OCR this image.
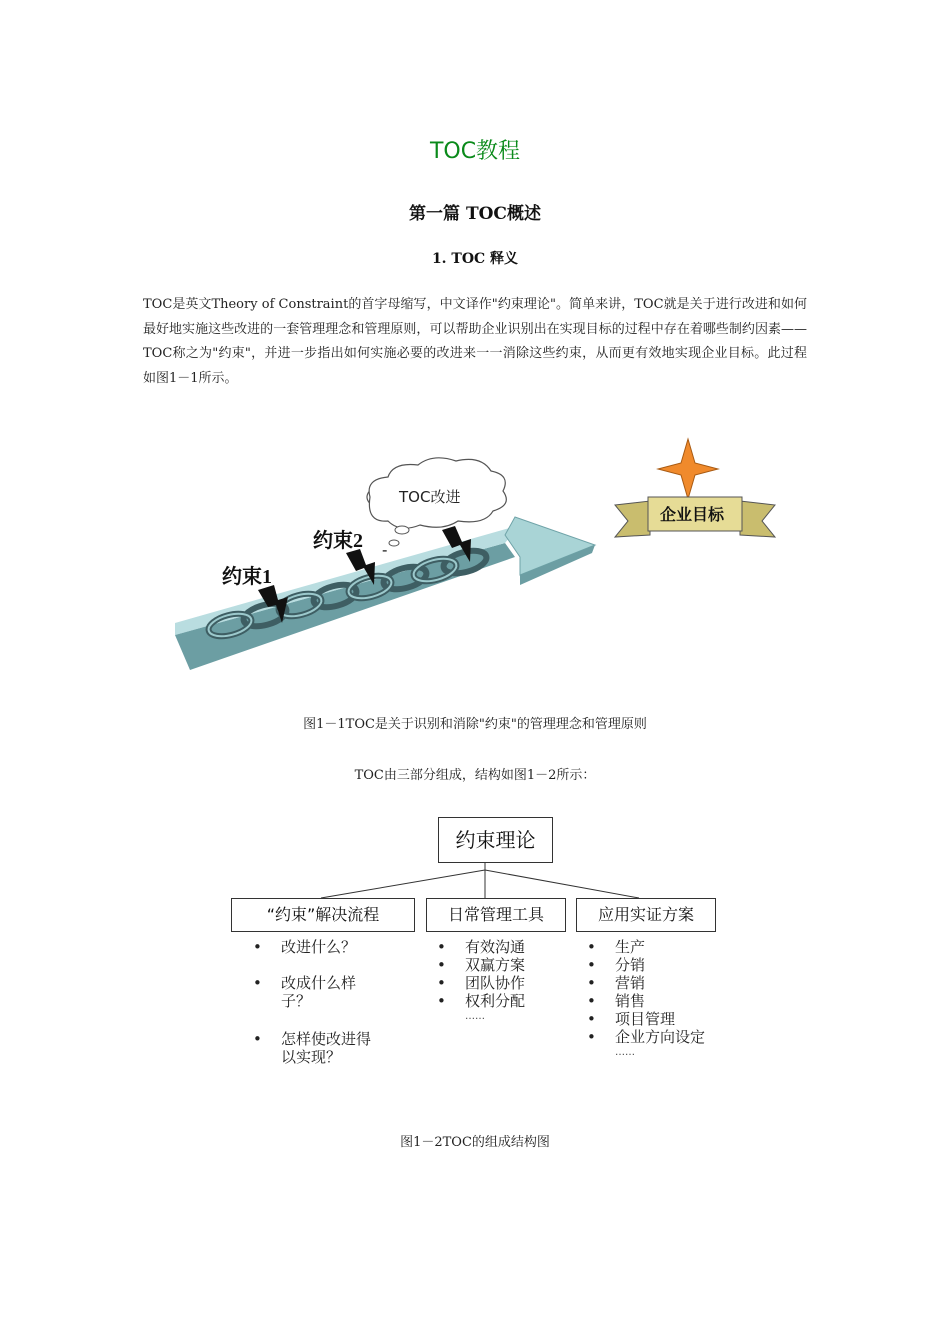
TOC教程
第一篇 TOC概述
1. TOC 释义
TOC是英文Theory of Constraint的首字母缩写，中文译作"约束理论"。简单来讲，TOC就是关于进行改进和如何最好地实施这些改进的一套管理理念和管理原则，可以帮助企业识别出在实现目标的过程中存在着哪些制约因素——TOC称之为"约束"，并进一步指出如何实施必要的改进来一一消除这些约束，从而更有效地实现企业目标。此过程如图1－1所示。
约束1
约束2 -
TOC改进
企业目标
图1－1TOC是关于识别和消除"约束"的管理理念和管理原则
TOC由三部分组成，结构如图1－2所示：
约束理论
“约束”解决流程	日常管理工具	应用实证方案
• 改进什么？
• 改成什么样子？
• 怎样使改进得以实现？
• 有效沟通
• 双赢方案
• 团队协作
• 权利分配
……
• 生产
• 分销
• 营销
• 销售
• 项目管理
• 企业方向设定
……
图1－2TOC的组成结构图
